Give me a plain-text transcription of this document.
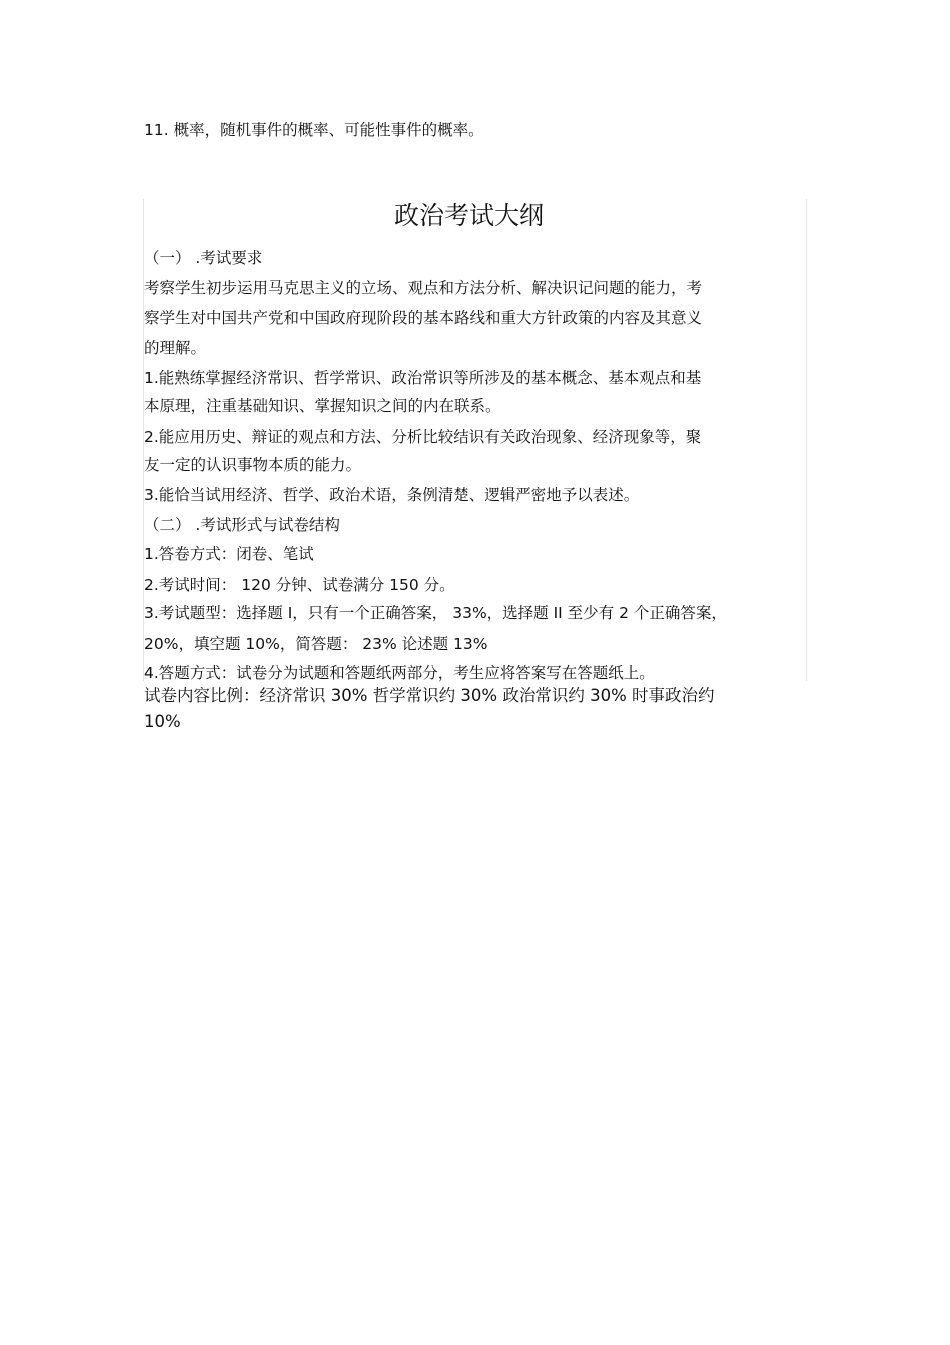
11. 概率，随机事件的概率、可能性事件的概率。
政治考试大纲
（一） .考试要求
考察学生初步运用马克思主义的立场、观点和方法分析、解决识记问题的能力，考
察学生对中国共产党和中国政府现阶段的基本路线和重大方针政策的内容及其意义
的理解。
1.能熟练掌握经济常识、哲学常识、政治常识等所涉及的基本概念、基本观点和基
本原理，注重基础知识、掌握知识之间的内在联系。
2.能应用历史、辩证的观点和方法、分析比较结识有关政治现象、经济现象等，聚
友一定的认识事物本质的能力。
3.能恰当试用经济、哲学、政治术语，条例清楚、逻辑严密地予以表述。
（二） .考试形式与试卷结构
1.答卷方式：闭卷、笔试
2.考试时间： 120 分钟、试卷满分 150 分。
3.考试题型：选择题 I，只有一个正确答案， 33%，选择题 II 至少有 2 个正确答案，
20%，填空题 10%，简答题： 23% 论述题 13%
4.答题方式：试卷分为试题和答题纸两部分，考生应将答案写在答题纸上。
试卷内容比例：经济常识 30% 哲学常识约 30% 政治常识约 30% 时事政治约
10%
